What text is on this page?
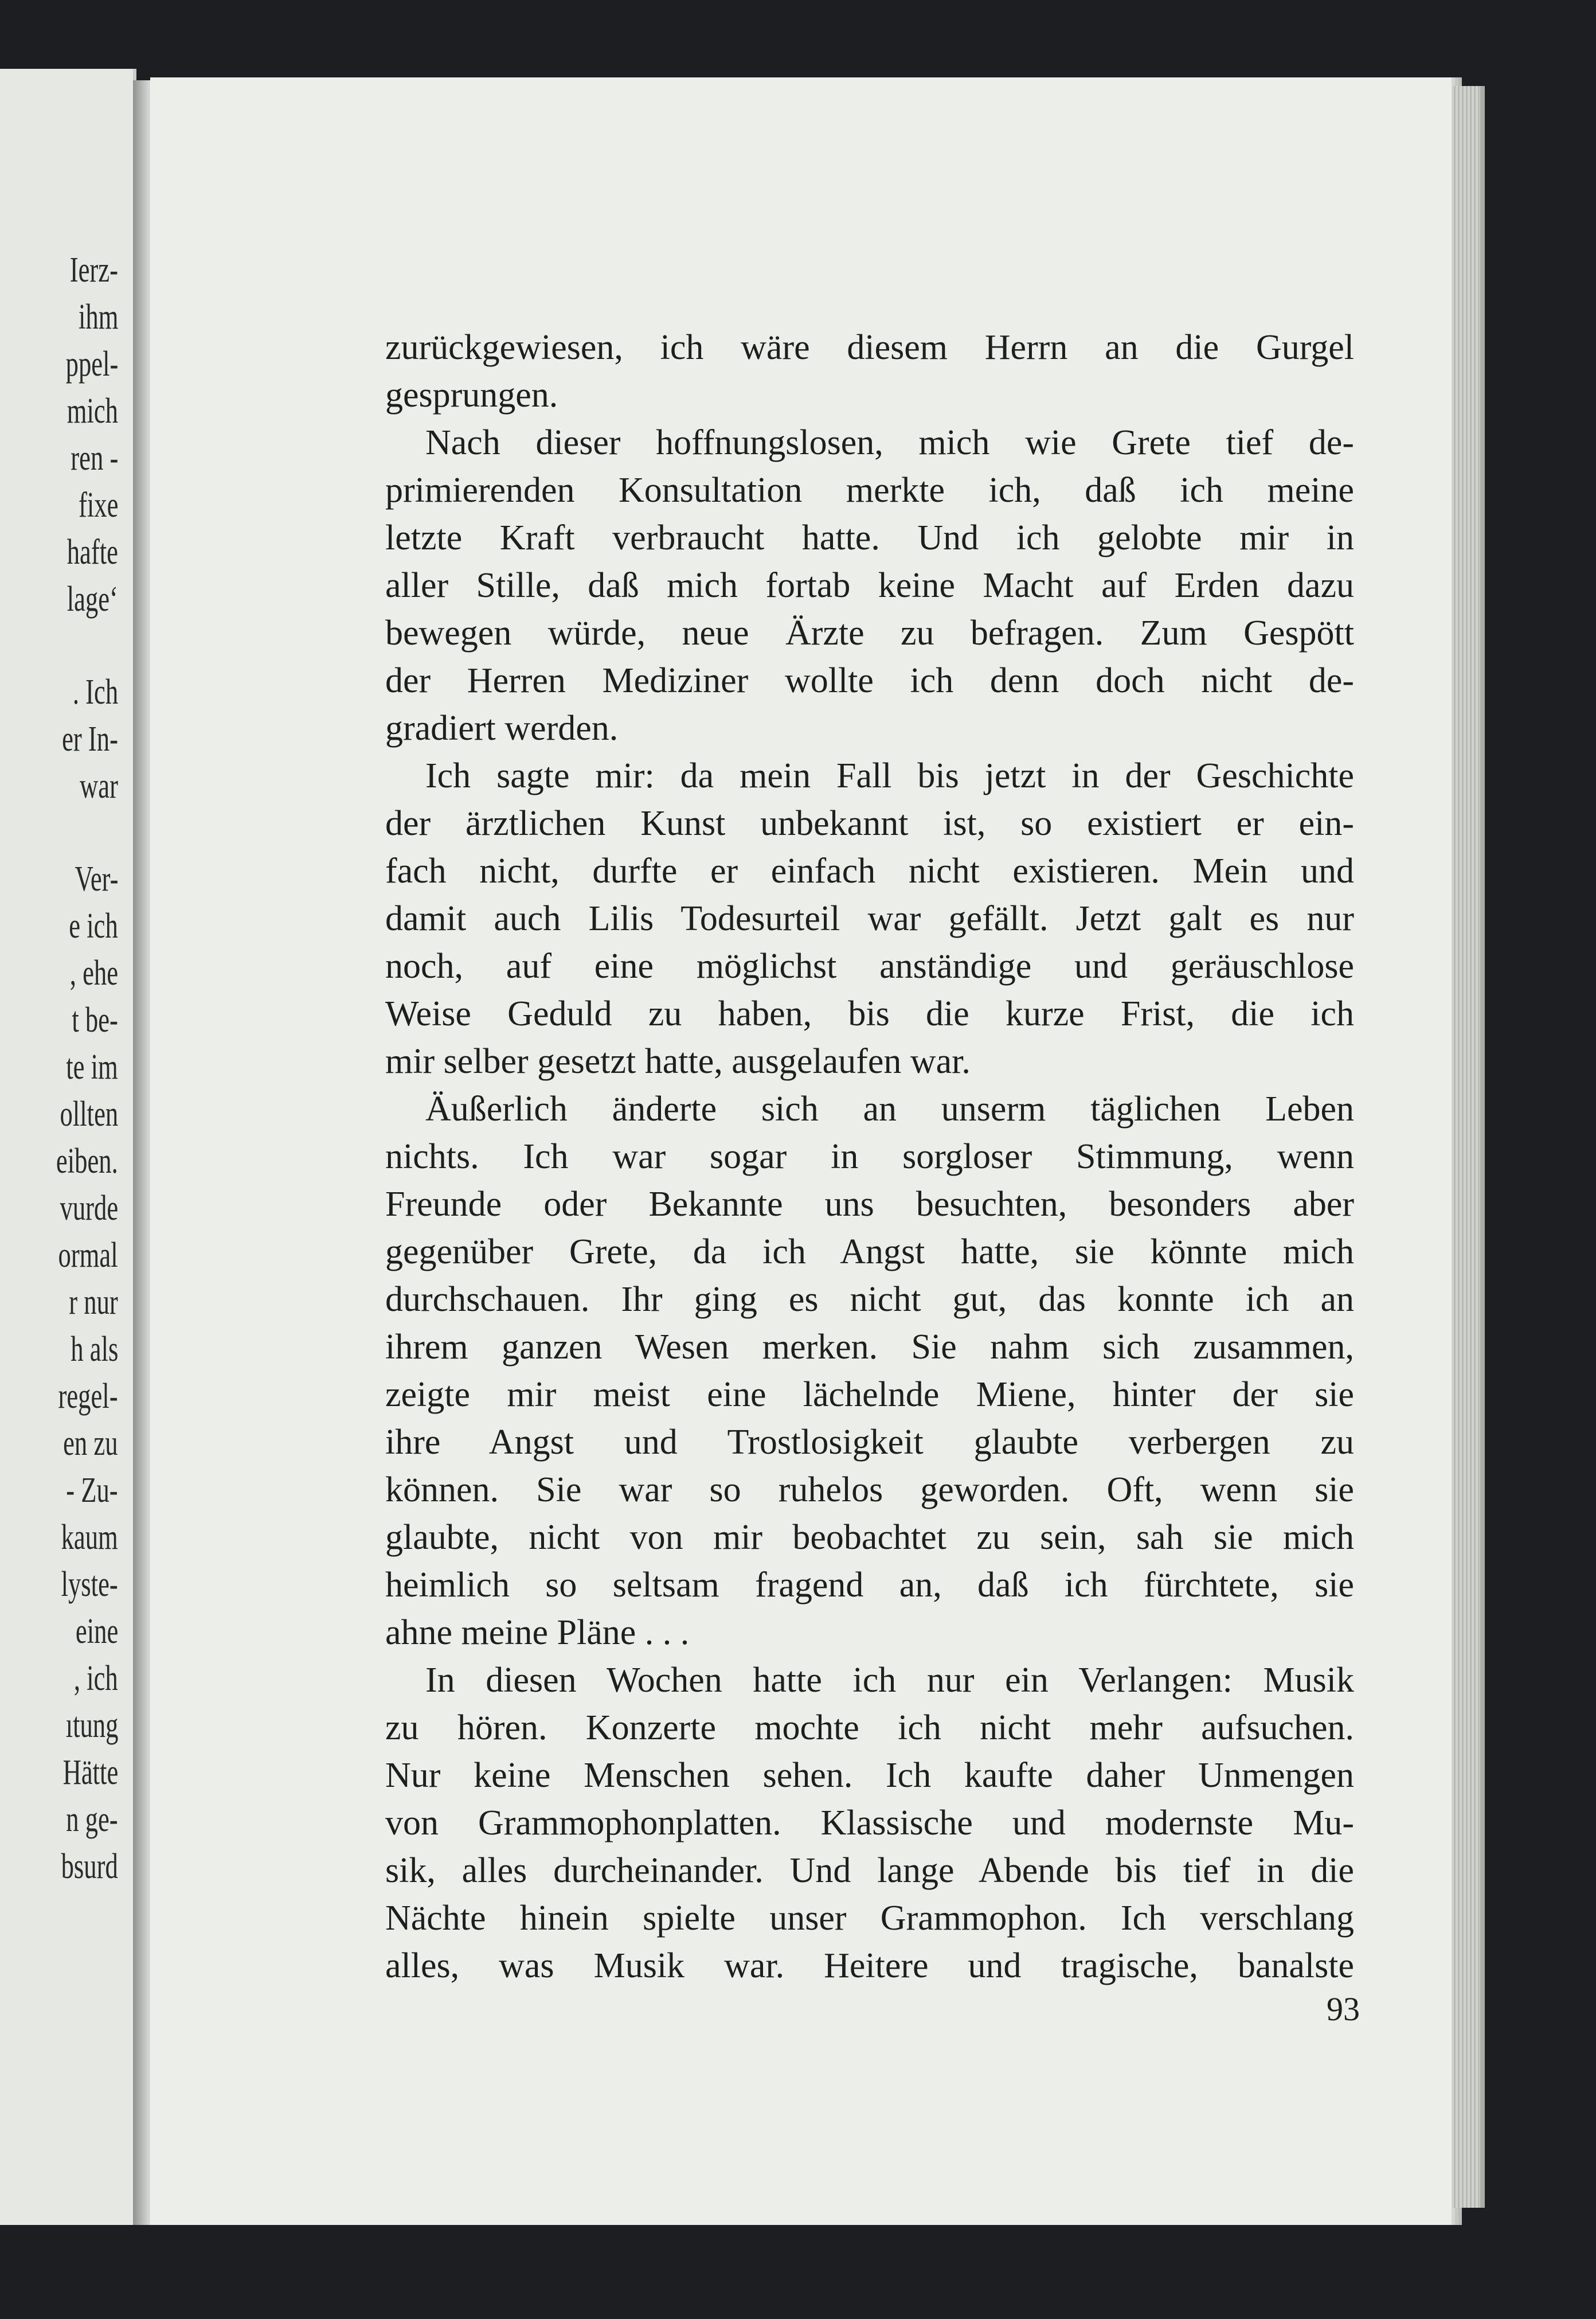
Ierz-
ihm
ppel-
mich
ren -
fixe
hafte
lage‘
. Ich
er In-
war
Ver-
e ich
, ehe
t be-
te im
ollten
eiben.
vurde
ormal
r nur
h als
regel-
en zu
- Zu-
kaum
lyste-
eine
, ich
ıtung
Hätte
n ge-
bsurd
zurückgewiesen, ich wäre diesem Herrn an die Gurgel
gesprungen.
Nach dieser hoffnungslosen, mich wie Grete tief de-
primierenden Konsultation merkte ich, daß ich meine
letzte Kraft verbraucht hatte. Und ich gelobte mir in
aller Stille, daß mich fortab keine Macht auf Erden dazu
bewegen würde, neue Ärzte zu befragen. Zum Gespött
der Herren Mediziner wollte ich denn doch nicht de-
gradiert werden.
Ich sagte mir: da mein Fall bis jetzt in der Geschichte
der ärztlichen Kunst unbekannt ist, so existiert er ein-
fach nicht, durfte er einfach nicht existieren. Mein und
damit auch Lilis Todesurteil war gefällt. Jetzt galt es nur
noch, auf eine möglichst anständige und geräuschlose
Weise Geduld zu haben, bis die kurze Frist, die ich
mir selber gesetzt hatte, ausgelaufen war.
Äußerlich änderte sich an unserm täglichen Leben
nichts. Ich war sogar in sorgloser Stimmung, wenn
Freunde oder Bekannte uns besuchten, besonders aber
gegenüber Grete, da ich Angst hatte, sie könnte mich
durchschauen. Ihr ging es nicht gut, das konnte ich an
ihrem ganzen Wesen merken. Sie nahm sich zusammen,
zeigte mir meist eine lächelnde Miene, hinter der sie
ihre Angst und Trostlosigkeit glaubte verbergen zu
können. Sie war so ruhelos geworden. Oft, wenn sie
glaubte, nicht von mir beobachtet zu sein, sah sie mich
heimlich so seltsam fragend an, daß ich fürchtete, sie
ahne meine Pläne . . .
In diesen Wochen hatte ich nur ein Verlangen: Musik
zu hören. Konzerte mochte ich nicht mehr aufsuchen.
Nur keine Menschen sehen. Ich kaufte daher Unmengen
von Grammophonplatten. Klassische und modernste Mu-
sik, alles durcheinander. Und lange Abende bis tief in die
Nächte hinein spielte unser Grammophon. Ich verschlang
alles, was Musik war. Heitere und tragische, banalste
93
